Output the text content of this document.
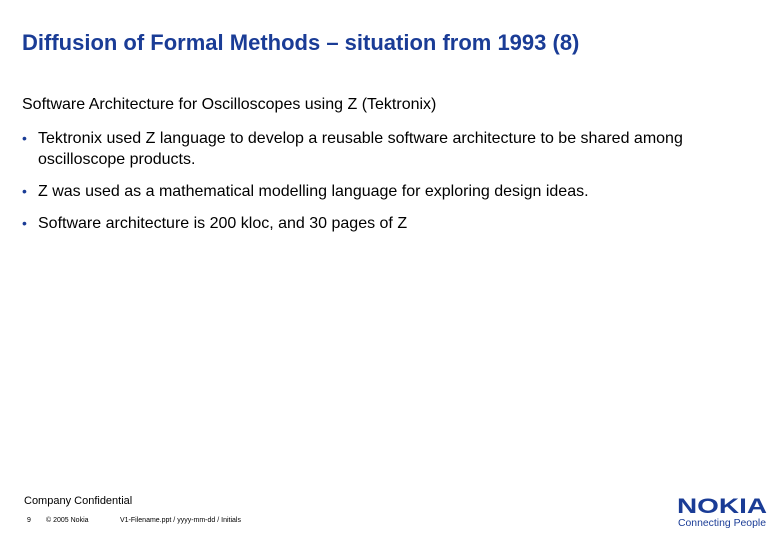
Diffusion of Formal Methods – situation from 1993 (8)

Software Architecture for Oscilloscopes using Z (Tektronix)

• Tektronix used Z language to develop a reusable software architecture to be shared among oscilloscope products.
• Z was used as a mathematical modelling language for exploring design ideas.
• Software architecture is 200 kloc, and 30 pages of Z
Company Confidential
9 © 2005 Nokia	V1-Filename.ppt / yyyy-mm-dd / Initials
NOKIA
Connecting People
